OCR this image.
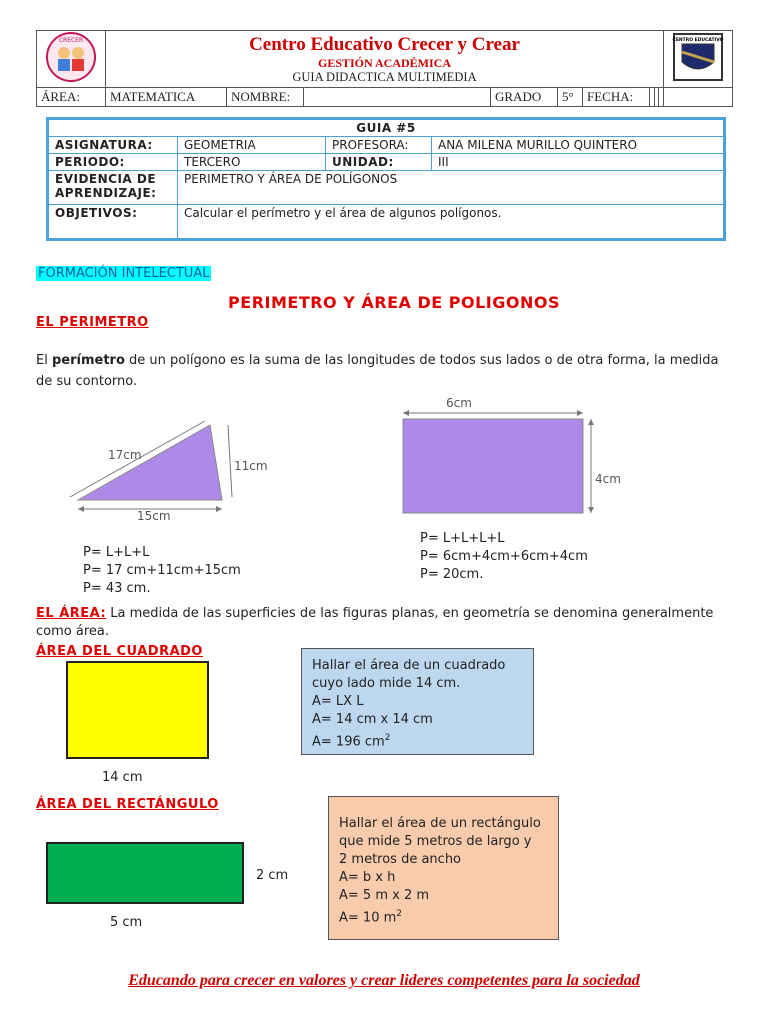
CRECER	Centro Educativo Crecer y Crear
GESTIÓN ACADÉMICA
GUIA DIDACTICA MULTIMEDIA							CENTRO EDUCATIVO

ÁREA:	MATEMATICA	NOMBRE:		GRADO	5°	FECHA:	

GUIA #5			
ASIGNATURA:	GEOMETRIA	PROFESORA:	ANA MILENA MURILLO QUINTERO
PERIODO:	TERCERO	UNIDAD:	III
EVIDENCIA DE APRENDIZAJE:	PERIMETRO Y ÁREA DE POLÍGONOS		
OBJETIVOS:	Calcular el perímetro y el área de algunos polígonos.		
FORMACIÓN INTELECTUAL
PERIMETRO Y ÁREA DE POLIGONOS
EL PERIMETRO
El perímetro de un polígono es la suma de las longitudes de todos sus lados o de otra forma, la medida de su contorno.
17cm
11cm
15cm
P= L+L+L
P= 17 cm+11cm+15cm
P= 43 cm.
6cm
4cm
P= L+L+L+L
P= 6cm+4cm+6cm+4cm
P= 20cm.
EL ÁREA: La medida de las superficies de las figuras planas, en geometría se denomina generalmente como área.
ÁREA DEL CUADRADO
14 cm
Hallar el área de un cuadrado
cuyo lado mide 14 cm.
A= LX L
A= 14 cm x 14 cm
A= 196 $cm^2$
ÁREA DEL RECTÁNGULO
2 cm
5 cm
Hallar el área de un rectángulo
que mide 5 metros de largo y
2 metros de ancho
A= b x h
A= 5 m x 2 m
A= 10 $m^2$
Educando para crecer en valores y crear lideres competentes para la sociedad
